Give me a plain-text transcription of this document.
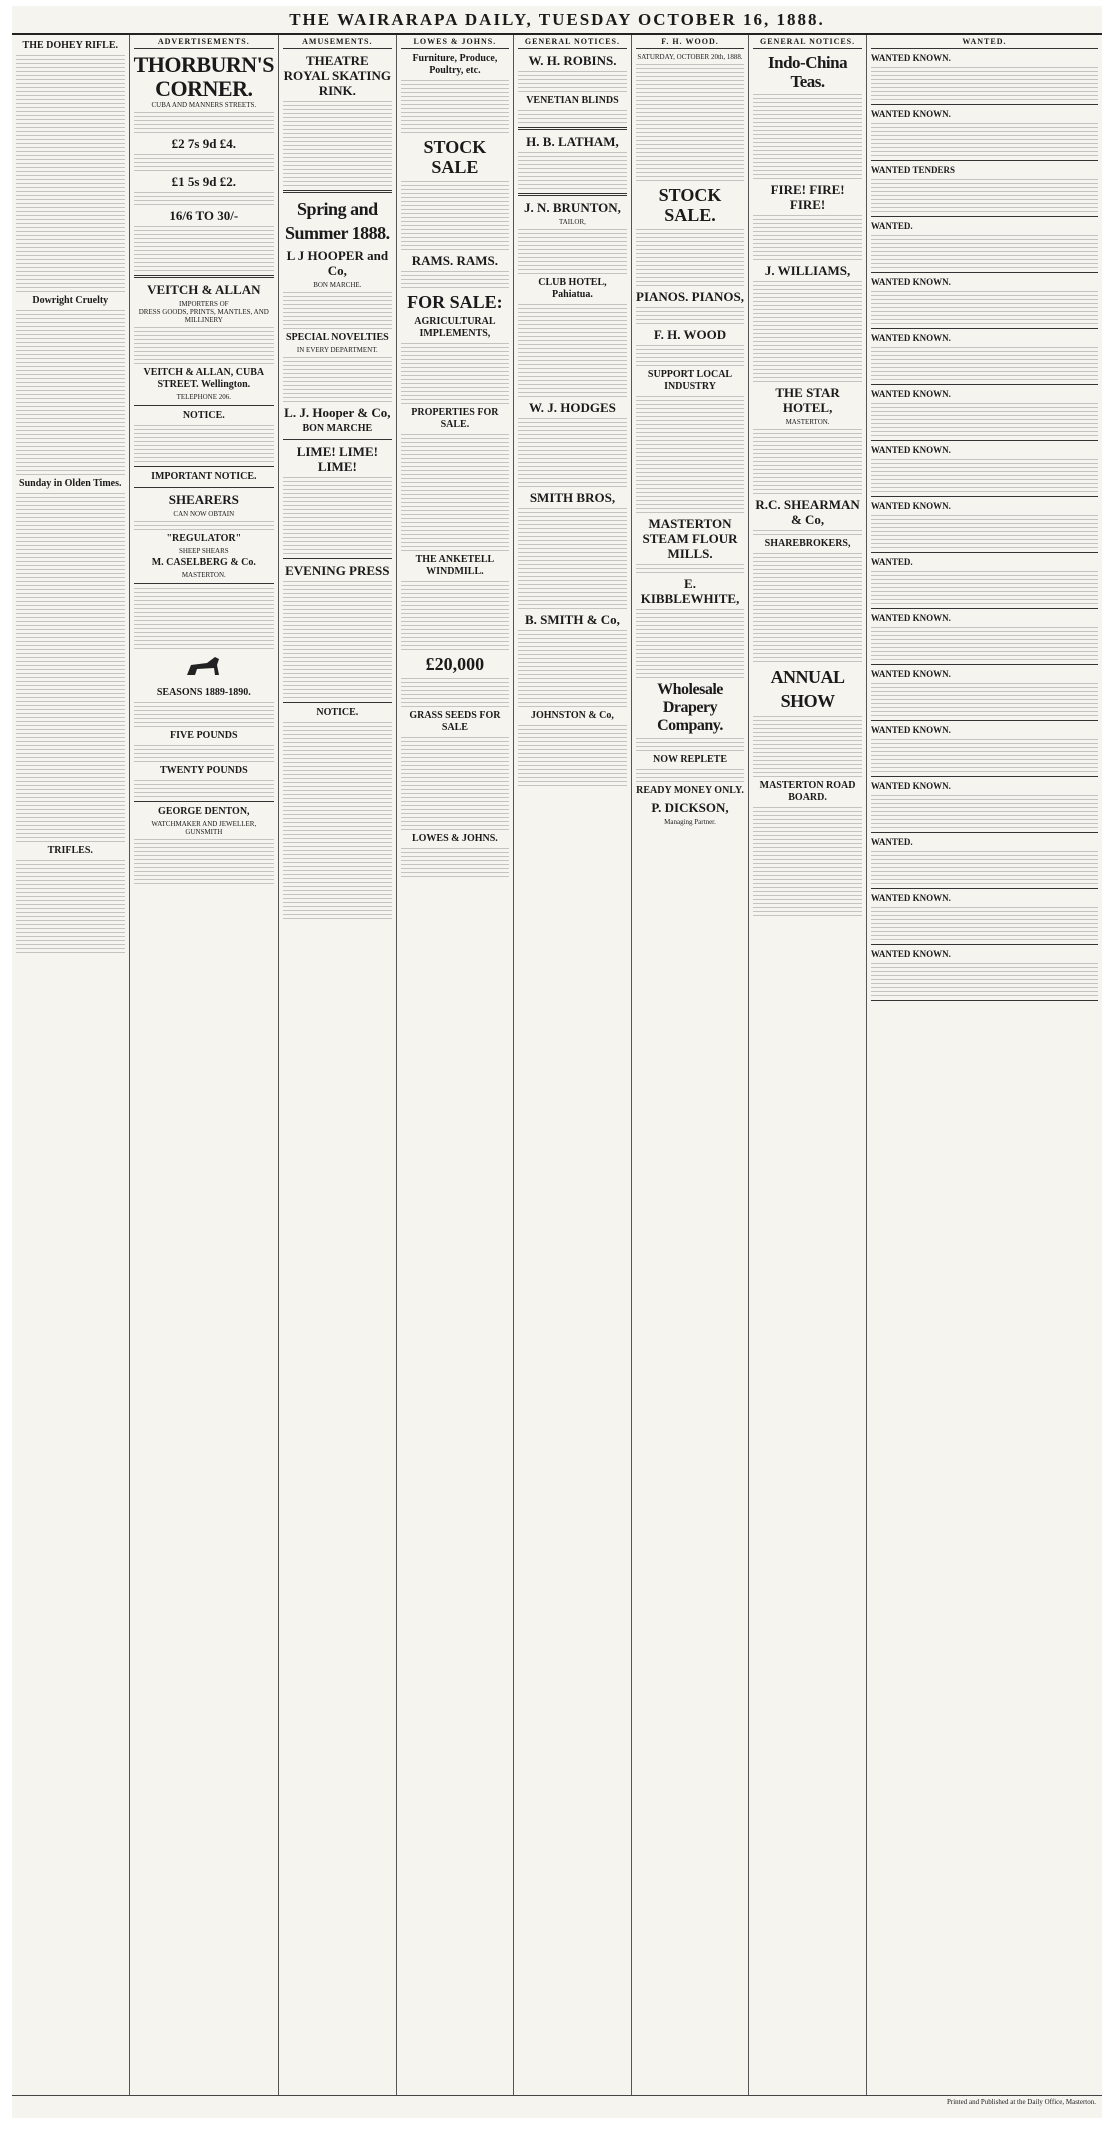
THE WAIRARAPA DAILY, TUESDAY OCTOBER 16, 1888.
THE DOHEY RIFLE.
Dowright Cruelty
Sunday in Olden Times.
TRIFLES.
ADVERTISEMENTS.
THORBURN'S CORNER.
CUBA AND MANNERS STREETS.
£2 7s 9d £4.
£1 5s 9d £2.
16/6 TO 30/-
VEITCH & ALLAN
IMPORTERS OF
DRESS GOODS, PRINTS, MANTLES, AND MILLINERY
VEITCH & ALLAN, CUBA STREET. Wellington.
TELEPHONE 206.
NOTICE.
IMPORTANT NOTICE.
SHEARERS
CAN NOW OBTAIN
"REGULATOR"
SHEEP SHEARS
M. CASELBERG & Co.
MASTERTON.
SEASONS 1889-1890.
FIVE POUNDS
TWENTY POUNDS
GEORGE DENTON,
WATCHMAKER AND JEWELLER, GUNSMITH
AMUSEMENTS.
THEATRE ROYAL SKATING RINK.
Spring and Summer 1888.
L J HOOPER and Co,
BON MARCHE.
SPECIAL NOVELTIES
IN EVERY DEPARTMENT.
L. J. Hooper & Co,
BON MARCHE
LIME! LIME! LIME!
EVENING PRESS
NOTICE.
LOWES & JOHNS.
Furniture, Produce, Poultry, etc.
STOCK SALE
RAMS. RAMS.
FOR SALE:
AGRICULTURAL IMPLEMENTS,
PROPERTIES FOR SALE.
THE ANKETELL WINDMILL.
£20,000
GRASS SEEDS FOR SALE
LOWES & JOHNS.
GENERAL NOTICES.
W. H. ROBINS.
VENETIAN BLINDS
H. B. LATHAM,
J. N. BRUNTON,
TAILOR,
CLUB HOTEL, Pahiatua.
W. J. HODGES
SMITH BROS,
B. SMITH & Co,
JOHNSTON & Co,
F. H. WOOD.
SATURDAY, OCTOBER 20th, 1888.
STOCK SALE.
PIANOS. PIANOS,
F. H. WOOD
SUPPORT LOCAL INDUSTRY
MASTERTON STEAM FLOUR MILLS.
E. KIBBLEWHITE,
Wholesale Drapery Company.
NOW REPLETE
READY MONEY ONLY.
P. DICKSON,
Managing Partner.
GENERAL NOTICES.
Indo-China Teas.
FIRE! FIRE! FIRE!
J. WILLIAMS,
THE STAR HOTEL,
MASTERTON.
R.C. SHEARMAN & Co,
SHAREBROKERS,
ANNUAL SHOW
MASTERTON ROAD BOARD.
WANTED.
WANTED KNOWN.
WANTED KNOWN.
WANTED TENDERS
WANTED.
WANTED KNOWN.
WANTED KNOWN.
WANTED KNOWN.
WANTED KNOWN.
WANTED KNOWN.
WANTED.
WANTED KNOWN.
WANTED KNOWN.
WANTED KNOWN.
WANTED KNOWN.
WANTED.
WANTED KNOWN.
WANTED KNOWN.
Printed and Published at the Daily Office, Masterton.
